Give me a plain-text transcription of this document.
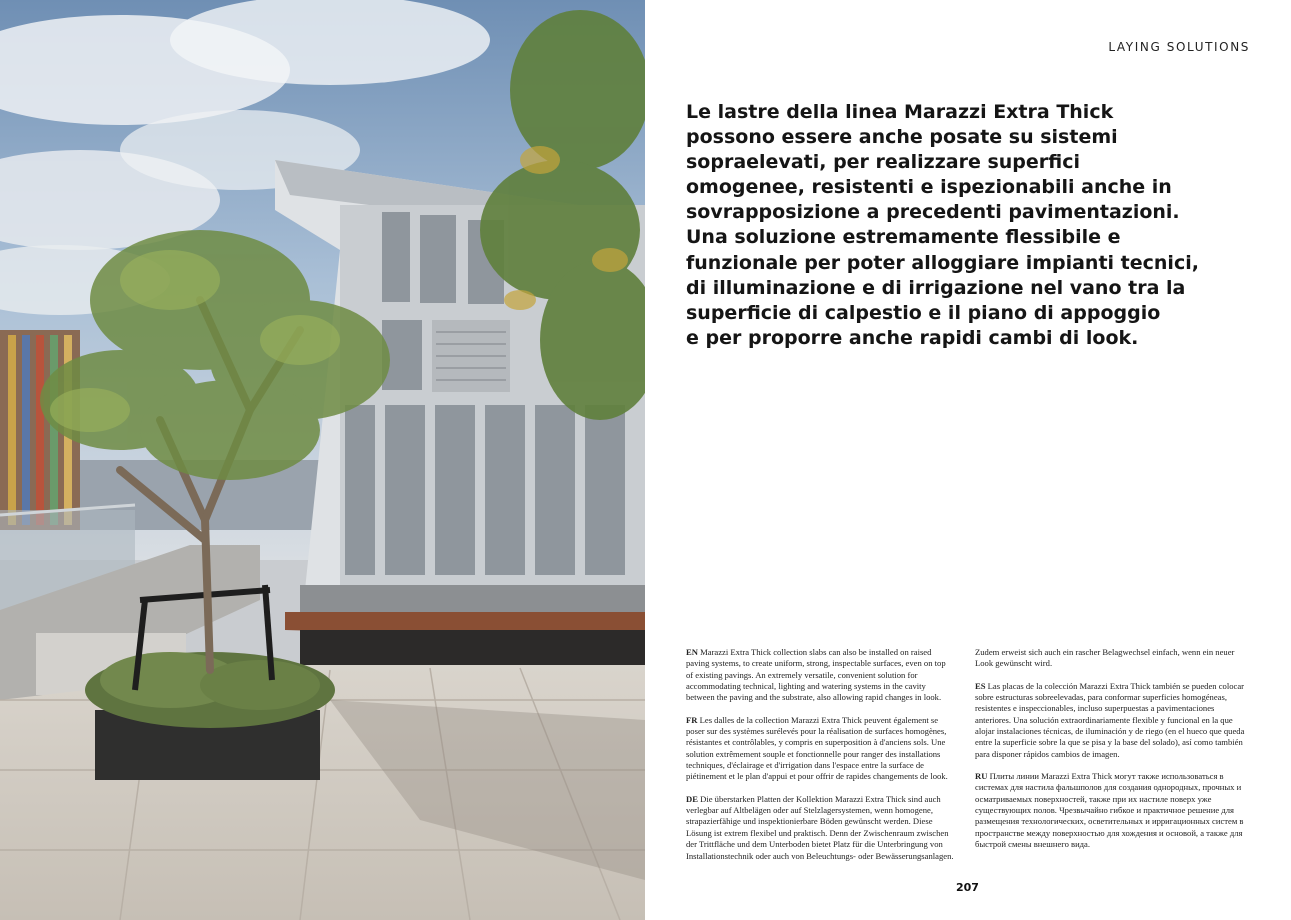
LAYING SOLUTIONS
Le lastre della linea Marazzi Extra Thick
possono essere anche posate su sistemi
sopraelevati, per realizzare superfici
omogenee, resistenti e ispezionabili anche in
sovrapposizione a precedenti pavimentazioni.
Una soluzione estremamente flessibile e
funzionale per poter alloggiare impianti tecnici,
di illuminazione e di irrigazione nel vano tra la
superficie di calpestio e il piano di appoggio
e per proporre anche rapidi cambi di look.

EN Marazzi Extra Thick collection slabs can also be installed on raised paving systems, to create uniform, strong, inspectable surfaces, even on top of existing pavings. An extremely versatile, convenient solution for accommodating technical, lighting and watering systems in the cavity between the paving and the substrate, also allowing rapid changes in look.

FR Les dalles de la collection Marazzi Extra Thick peuvent également se poser sur des systèmes surélevés pour la réalisation de surfaces homogènes, résistantes et contrôlables, y compris en superposition à d'anciens sols. Une solution extrêmement souple et fonctionnelle pour ranger des installations techniques, d'éclairage et d'irrigation dans l'espace entre la surface de piétinement et le plan d'appui et pour offrir de rapides changements de look.

DE Die überstarken Platten der Kollektion Marazzi Extra Thick sind auch verlegbar auf Altbelägen oder auf Stelzlagersystemen, wenn homogene, strapazierfähige und inspektionierbare Böden gewünscht werden. Diese Lösung ist extrem flexibel und praktisch. Denn der Zwischenraum zwischen der Trittfläche und dem Unterboden bietet Platz für die Unterbringung von Installationstechnik oder auch von Beleuchtungs- oder Bewässerungsanlagen.

Zudem erweist sich auch ein rascher Belagwechsel einfach, wenn ein neuer Look gewünscht wird.

ES Las placas de la colección Marazzi Extra Thick también se pueden colocar sobre estructuras sobreelevadas, para conformar superficies homogéneas, resistentes e inspeccionables, incluso superpuestas a pavimentaciones anteriores. Una solución extraordinariamente flexible y funcional en la que alojar instalaciones técnicas, de iluminación y de riego (en el hueco que queda entre la superficie sobre la que se pisa y la base del solado), así como también para disponer rápidos cambios de imagen.

RU Плиты линии Marazzi Extra Thick могут также использоваться в системах для настила фальшполов для создания однородных, прочных и осматриваемых поверхностей, также при их настиле поверх уже существующих полов. Чрезвычайно гибкое и практичное решение для размещения технологических, осветительных и ирригационных систем в пространстве между поверхностью для хождения и основой, а также для быстрой смены внешнего вида.

207
